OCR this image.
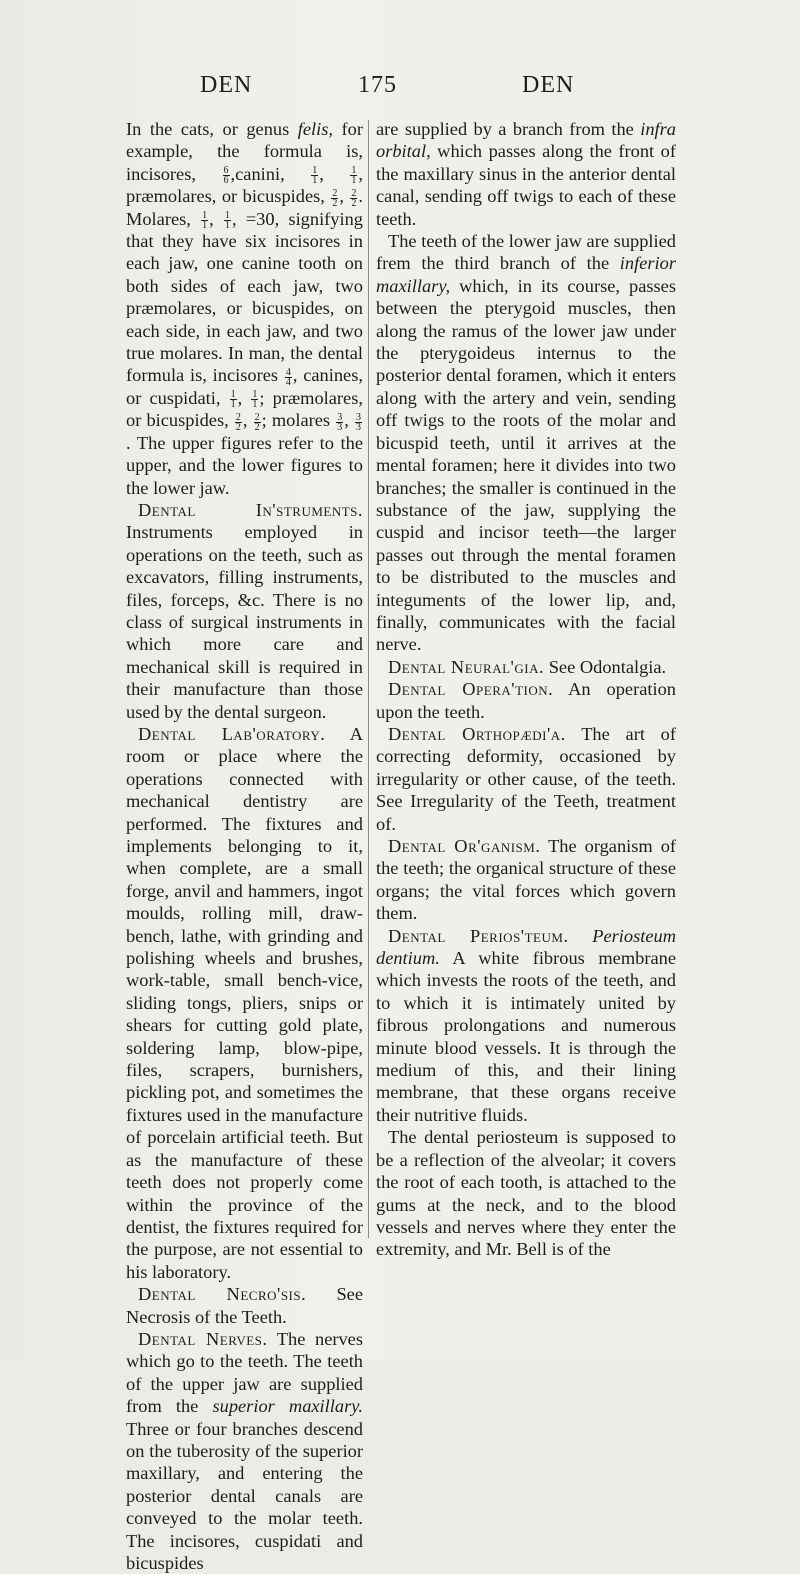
DEN	175	DEN

In the cats, or genus felis, for example, the formula is, incisores,	$\frac{6}{6}$ ,canini,	$\frac{1}{1}$ , $\frac{1}{1}$ , præmolares, or bicuspides, $\frac{2}{2}$ , $\frac{2}{2}$ . Molares, $\frac{1}{1}$ , $\frac{1}{1}$ , =30, signifying that they have six incisores in each jaw, one canine tooth on both sides of each jaw, two præmolares, or bicuspides, on each side, in each jaw, and two true molares. In man, the dental formula is, incisores $\frac{4}{4}$ , canines, or cuspidati, $\frac{1}{1}$ , $\frac{1}{1}$ ; præmolares, or bicuspides, $\frac{2}{2}$ , $\frac{2}{2}$ ; molares $\frac{3}{3}$ , $\frac{3}{3}$
. The upper figures refer to the upper, and the lower figures to the lower jaw.

Dental In'struments. Instruments employed in operations on the teeth, such as excavators, filling instruments, files, forceps, &c. There is no class of surgical instruments in which more care and mechanical skill is required in their manufacture than those used by the dental surgeon.

Dental Lab'oratory. A room or place where the operations connected with mechanical dentistry are performed. The fixtures and implements belonging to it, when complete, are a small forge, anvil and hammers, ingot moulds, rolling mill, draw-bench, lathe, with grinding and polishing wheels and brushes, work-table, small bench-vice, sliding tongs, pliers, snips or shears for cutting gold plate, soldering lamp, blow-pipe, files, scrapers, burnishers, pickling pot, and sometimes the fixtures used in the manufacture of porcelain artificial teeth. But as the manufacture of these teeth does not properly come within the province of the dentist, the fixtures required for the purpose, are not essential to his laboratory.

Dental Necro'sis. See Necrosis of the Teeth.

Dental Nerves. The nerves which go to the teeth. The teeth of the upper jaw are supplied from the superior maxillary. Three or four branches descend on the tuberosity of the superior maxillary, and entering the posterior dental canals are conveyed to the molar teeth. The incisores, cuspidati and bicuspides

are supplied by a branch from the infra orbital, which passes along the front of the maxillary sinus in the anterior dental canal, sending off twigs to each of these teeth.

The teeth of the lower jaw are supplied frem the third branch of the inferior maxillary, which, in its course, passes between the pterygoid muscles, then along the ramus of the lower jaw under the pterygoideus internus to the posterior dental foramen, which it enters along with the artery and vein, sending off twigs to the roots of the molar and bicuspid teeth, until it arrives at the mental foramen; here it divides into two branches; the smaller is continued in the substance of the jaw, supplying the cuspid and incisor teeth—the larger passes out through the mental foramen to be distributed to the muscles and integuments of the lower lip, and, finally, communicates with the facial nerve.

Dental Neural'gia. See Odontalgia.

Dental Opera'tion. An operation upon the teeth.

Dental Orthopædi'a. The art of correcting deformity, occasioned by irregularity or other cause, of the teeth. See Irregularity of the Teeth, treatment of.

Dental Or'ganism. The organism of the teeth; the organical structure of these organs; the vital forces which govern them.

Dental Perios'teum. Periosteum dentium. A white fibrous membrane which invests the roots of the teeth, and to which it is intimately united by fibrous prolongations and numerous minute blood vessels. It is through the medium of this, and their lining membrane, that these organs receive their nutritive fluids.

The dental periosteum is supposed to be a reflection of the alveolar; it covers the root of each tooth, is attached to the gums at the neck, and to the blood vessels and nerves where they enter the extremity, and Mr. Bell is of the
